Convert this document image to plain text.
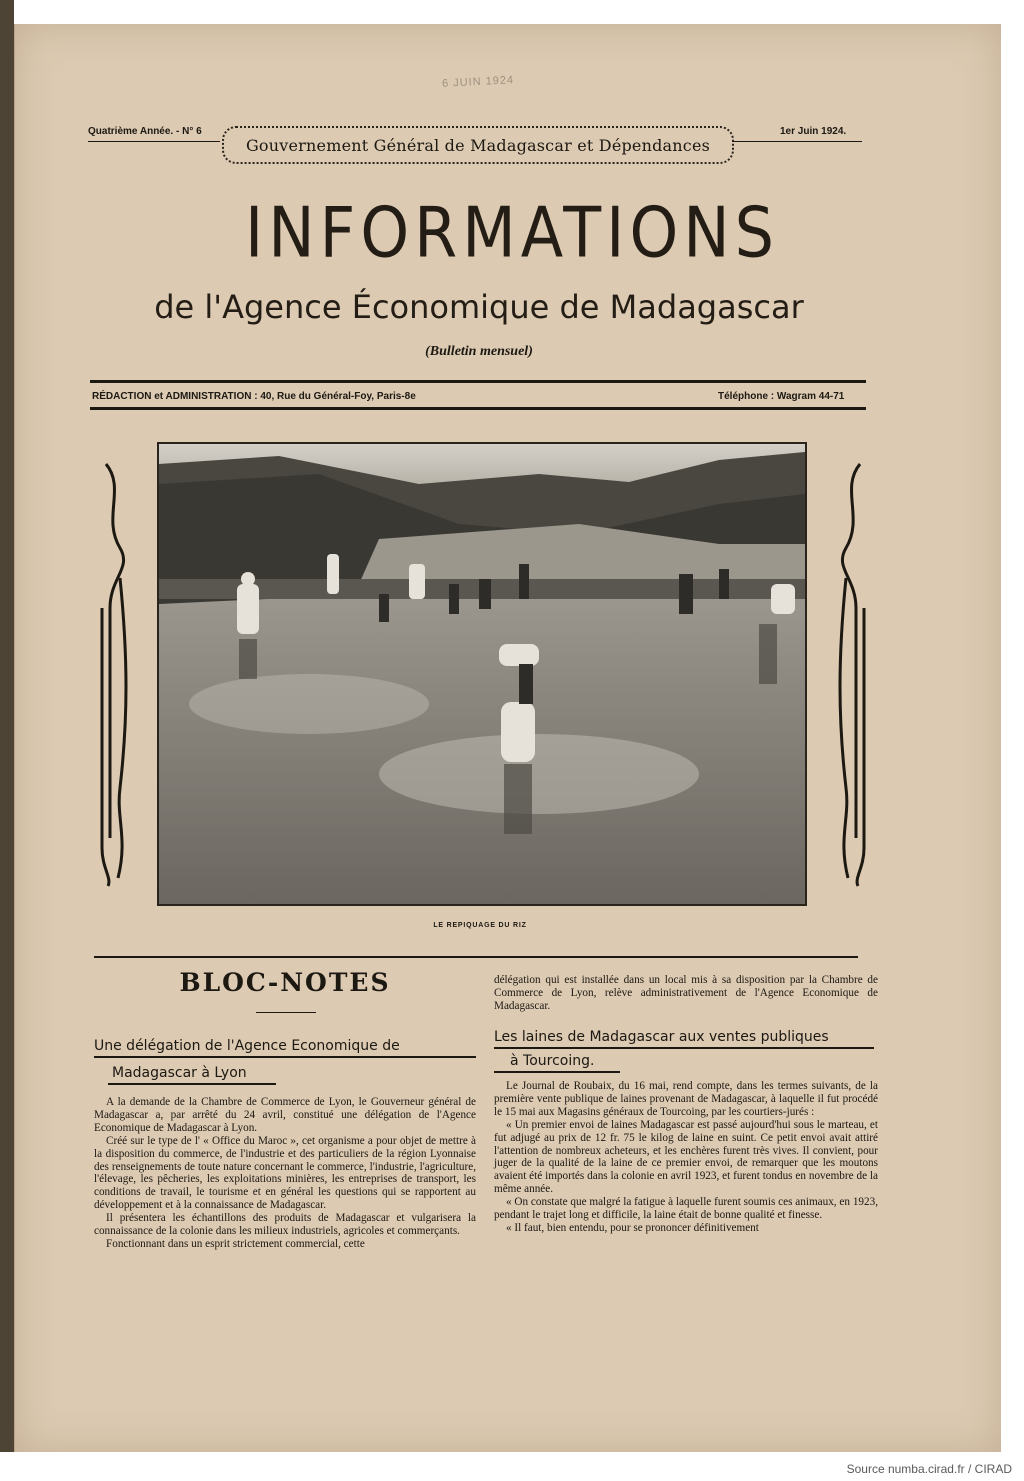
6 JUIN 1924
Quatrième Année. - N° 6
Gouvernement Général de Madagascar et Dépendances
1er Juin 1924.
INFORMATIONS
de l'Agence Économique de Madagascar
(Bulletin mensuel)
RÉDACTION et ADMINISTRATION : 40, Rue du Général-Foy, Paris-8e	Téléphone : Wagram 44-71
LE REPIQUAGE DU RIZ
BLOC-NOTES
Une délégation de l'Agence Economique de
Madagascar à Lyon

A la demande de la Chambre de Commerce de Lyon, le Gouverneur général de Madagascar a, par arrêté du 24 avril, constitué une délégation de l'Agence Economique de Madagascar à Lyon.

Créé sur le type de l' « Office du Maroc », cet organisme a pour objet de mettre à la disposition du commerce, de l'industrie et des particuliers de la région Lyonnaise des renseignements de toute nature concernant le commerce, l'industrie, l'agriculture, l'élevage, les pêcheries, les exploitations minières, les entreprises de transport, les conditions de travail, le tourisme et en général les questions qui se rapportent au développement et à la connaissance de Madagascar.

Il présentera les échantillons des produits de Madagascar et vulgarisera la connaissance de la colonie dans les milieux industriels, agricoles et commerçants.

Fonctionnant dans un esprit strictement commercial, cette

délégation qui est installée dans un local mis à sa disposition par la Chambre de Commerce de Lyon, relève administrativement de l'Agence Economique de Madagascar.

Les laines de Madagascar aux ventes publiques
à Tourcoing.

Le Journal de Roubaix, du 16 mai, rend compte, dans les termes suivants, de la première vente publique de laines provenant de Madagascar, à laquelle il fut procédé le 15 mai aux Magasins généraux de Tourcoing, par les courtiers-jurés :

« Un premier envoi de laines Madagascar est passé aujourd'hui sous le marteau, et fut adjugé au prix de 12 fr. 75 le kilog de laine en suint. Ce petit envoi avait attiré l'attention de nombreux acheteurs, et les enchères furent très vives. Il convient, pour juger de la qualité de la laine de ce premier envoi, de remarquer que les moutons avaient été importés dans la colonie en avril 1923, et furent tondus en novembre de la même année.

« On constate que malgré la fatigue à laquelle furent soumis ces animaux, en 1923, pendant le trajet long et difficile, la laine était de bonne qualité et finesse.

« Il faut, bien entendu, pour se prononcer définitivement

Source numba.cirad.fr / CIRAD
